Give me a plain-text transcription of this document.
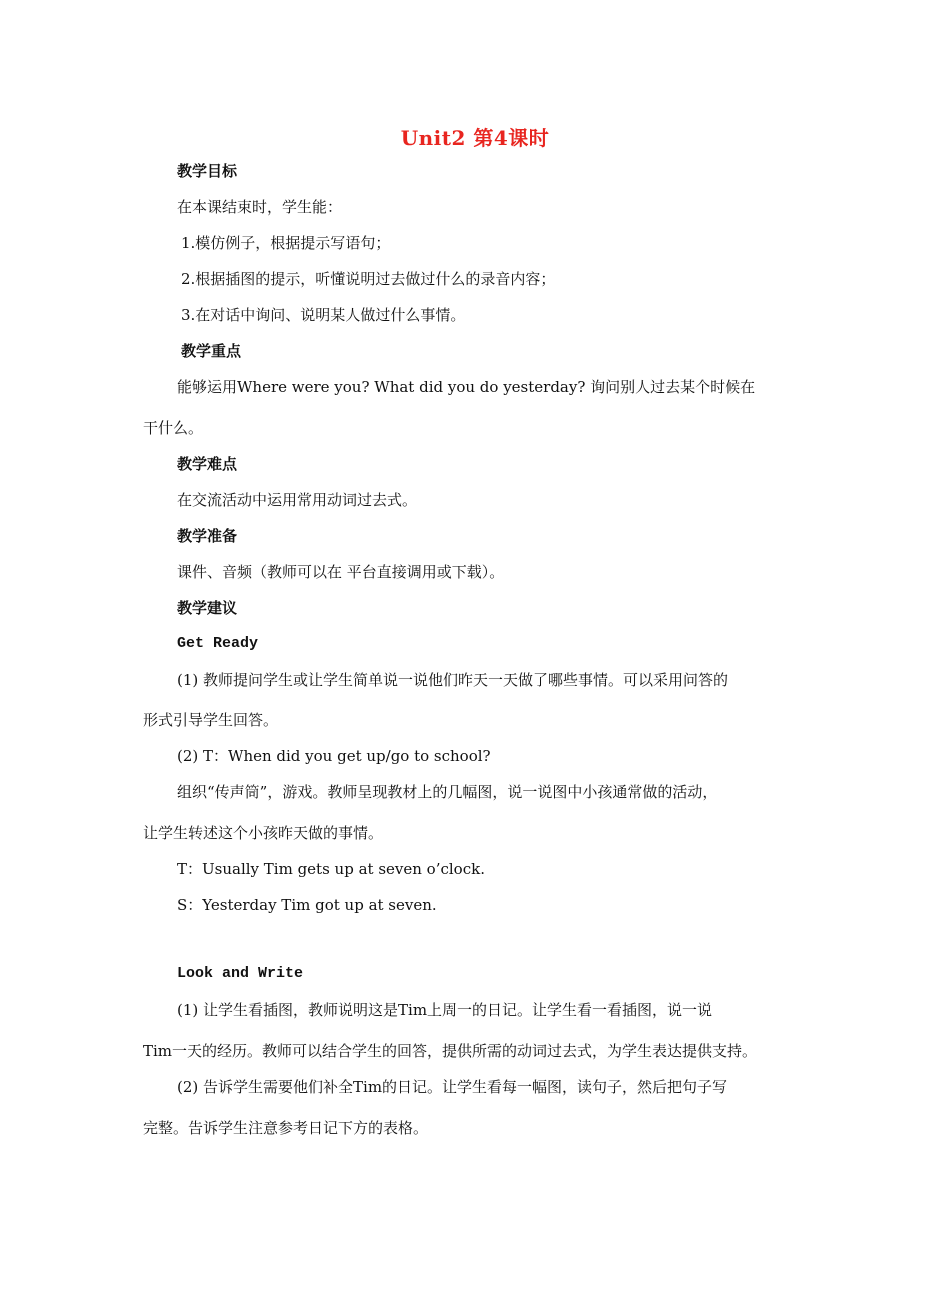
Unit2 第4课时
教学目标
在本课结束时，学生能：
1.模仿例子，根据提示写语句；
2.根据插图的提示，听懂说明过去做过什么的录音内容；
3.在对话中询问、说明某人做过什么事情。
教学重点
能够运用Where were you? What did you do yesterday? 询问别人过去某个时候在
干什么。
教学难点
在交流活动中运用常用动词过去式。
教学准备
课件、音频（教师可以在 平台直接调用或下载）。
教学建议
Get Ready
(1) 教师提问学生或让学生简单说一说他们昨天一天做了哪些事情。可以采用问答的
形式引导学生回答。
(2) T：When did you get up/go to school?
组织“传声筒”，游戏。教师呈现教材上的几幅图，说一说图中小孩通常做的活动，
让学生转述这个小孩昨天做的事情。
T：Usually Tim gets up at seven o’clock.
S：Yesterday Tim got up at seven.
Look and Write
(1) 让学生看插图，教师说明这是Tim上周一的日记。让学生看一看插图，说一说
Tim一天的经历。教师可以结合学生的回答，提供所需的动词过去式，为学生表达提供支持。
(2) 告诉学生需要他们补全Tim的日记。让学生看每一幅图，读句子，然后把句子写
完整。告诉学生注意参考日记下方的表格。
